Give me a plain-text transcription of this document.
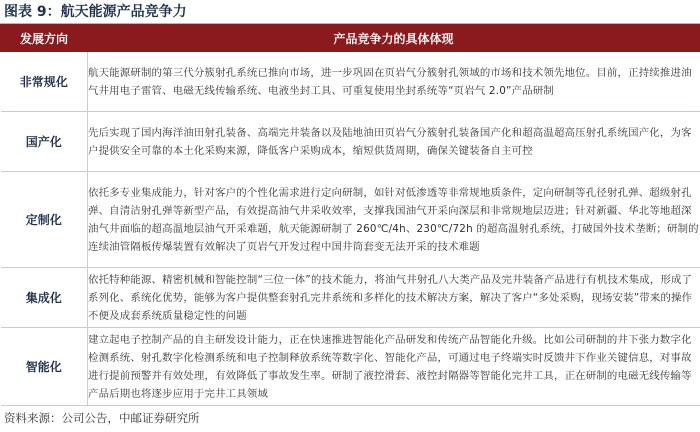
图表 9：航天能源产品竞争力
发展方向	产品竞争力的具体体现
非常规化	航天能源研制的第三代分簇射孔系统已推向市场，进一步巩固在页岩气分簇射孔领域的市场和技术领先地位。目前，正持续推进油气井用电子雷管、电磁无线传输系统、电液坐封工具、可重复使用坐封系统等“页岩气 2.0”产品研制
国产化	先后实现了国内海洋油田射孔装备、高端完井装备以及陆地油田页岩气分簇射孔装备国产化和超高温超高压射孔系统国产化，为客户提供安全可靠的本土化采购来源，降低客户采购成本，缩短供货周期，确保关键装备自主可控
定制化	依托多专业集成能力，针对客户的个性化需求进行定向研制，如针对低渗透等非常规地质条件，定向研制等孔径射孔弹、超级射孔弹、自清洁射孔弹等新型产品，有效提高油气井采收效率，支撑我国油气开采向深层和非常规地层迈进；针对新疆、华北等地超深油气井面临的超高温地层油气开采难题，航天能源研制了 260℃/4h、230℃/72h 的超高温射孔系统，打破国外技术垄断；研制的连续油管隔板传爆装置有效解决了页岩气开发过程中国井筒套变无法开采的技术难题
集成化	依托特种能源、精密机械和智能控制“三位一体”的技术能力，将油气井射孔八大类产品及完井装备产品进行有机技术集成，形成了系列化、系统化优势，能够为客户提供整套射孔完井系统和多样化的技术解决方案，解决了客户“多处采购，现场安装”带来的操作不便及成套系统质量稳定性的问题
智能化	建立起电子控制产品的自主研发设计能力，正在快速推进智能化产品研发和传统产品智能化升级。比如公司研制的井下张力数字化检测系统、射孔数字化检测系统和电子控制释放系统等数字化、智能化产品，可通过电子终端实时反馈井下作业关键信息，对事故进行提前预警并有效处理，有效降低了事故发生率。研制了液控滑套、液控封隔器等智能化完井工具，正在研制的电磁无线传输等产品后期也将逐步应用于完井工具领域
资料来源：公司公告，中邮证券研究所
